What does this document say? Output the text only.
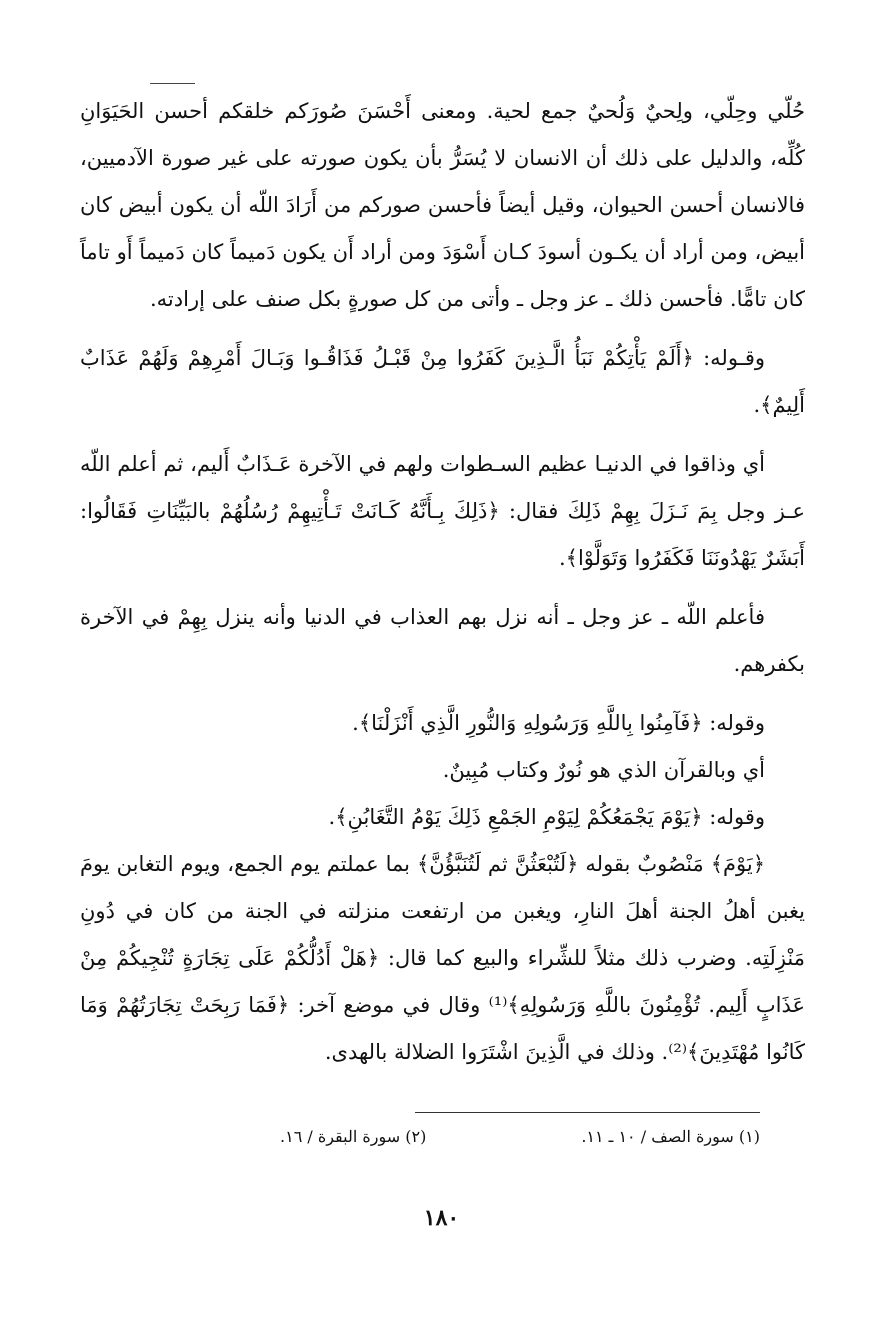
حُلّي وحِلّي، ولِحيٌ وَلُحيٌ جمع لحية. ومعنى أَحْسَنَ صُورَكم خلقكم أحسن الحَيَوَانِ كُلِّه، والدليل على ذلك أن الانسان لا يُسَرُّ بأن يكون صورته على غير صورة الآدميين، فالانسان أحسن الحيوان، وقيل أيضاً فأحسن صوركم من أَرَادَ اللّه أن يكون أبيض كان أبيض، ومن أراد أن يكـون أسودَ كـان أَسْوَدَ ومن أراد أَن يكون دَميماً كان دَميماً أَو تاماً كان تامًّا. فأحسن ذلك ـ عز وجل ـ وأتى من كل صورةٍ بكل صنف على إرادته.

وقـوله: ﴿أَلَمْ يَأْتِكُمْ نَبَأُ الَّـذِينَ كَفَرُوا مِنْ قَبْـلُ فَذَاقُـوا وَبَـالَ أَمْرِهِمْ وَلَهُمْ عَذَابٌ أَلِيمٌ﴾.

أي وذاقوا في الدنيـا عظيم السـطوات ولهم في الآخرة عَـذَابٌ أَليم، ثم أعلم اللّه عـز وجل بِمَ نَـزَلَ بِهِمْ ذَلِكَ فقال: ﴿ذَلِكَ بِـأَنَّهُ كَـانَتْ تَـأْتِيهِمْ رُسُلُهُمْ بالبَيِّنَاتِ فَقَالُوا: أَبَشَرٌ يَهْدُونَنَا فَكَفَرُوا وَتَوَلَّوْا﴾.

فأعلم اللّه ـ عز وجل ـ أنه نزل بهم العذاب في الدنيا وأنه ينزل بِهِمْ في الآخرة بكفرهم.

وقوله: ﴿فَآمِنُوا بِاللَّهِ وَرَسُولِهِ وَالنُّورِ الَّذِي أَنْزَلْنَا﴾.

أي وبالقرآن الذي هو نُورٌ وكتاب مُبِينٌ.

وقوله: ﴿يَوْمَ يَجْمَعُكُمْ لِيَوْمِ الجَمْعِ ذَلِكَ يَوْمُ التَّغَابُنِ﴾.

﴿يَوْمَ﴾ مَنْصُوبٌ بقوله ﴿لَتُبْعَثُنَّ ثم لَتُنَبَّؤُنَّ﴾ بما عملتم يوم الجمع، ويوم التغابن يومَ يغبن أهلُ الجنة أهلَ النارِ، ويغبن من ارتفعت منزلته في الجنة من كان في دُونِ مَنْزِلَتِه. وضرب ذلك مثلاً للشِّراء والبيع كما قال: ﴿هَلْ أَدُلُّكُمْ عَلَى تِجَارَةٍ تُنْجِيكُمْ مِنْ عَذَابٍ أَلِيم. تُؤْمِنُونَ باللَّهِ وَرَسُولِهِ﴾⁽¹⁾ وقال في موضع آخر: ﴿فَمَا رَبِحَتْ تِجَارَتُهُمْ وَمَا كَانُوا مُهْتَدِينَ﴾⁽²⁾. وذلك في الَّذِينَ اشْتَرَوا الضلالة بالهدى.

(١) سورة الصف / ١٠ ـ ١١.
(٢) سورة البقرة / ١٦.
١٨٠
